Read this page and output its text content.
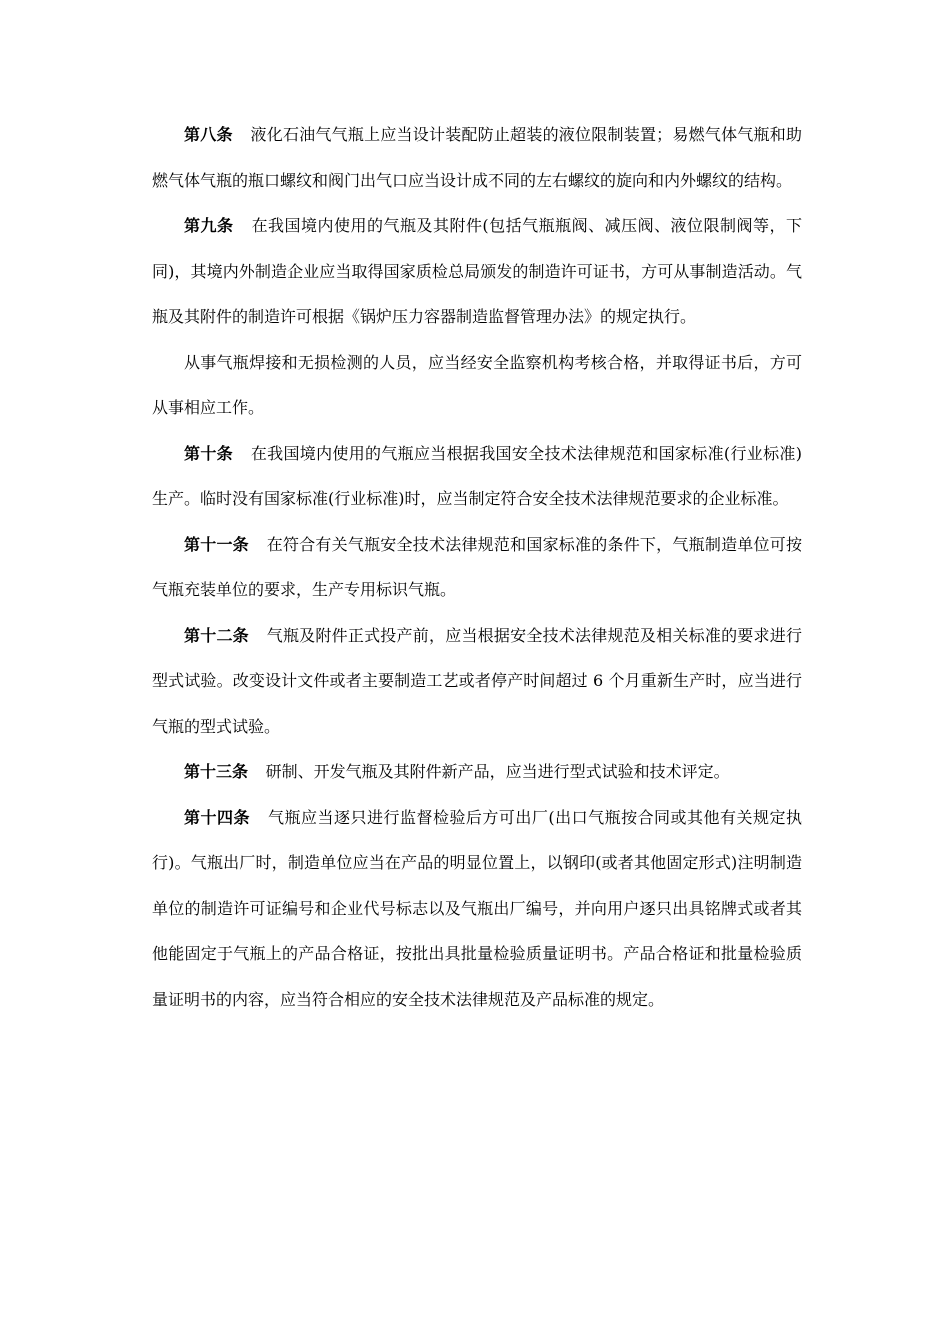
第八条 液化石油气气瓶上应当设计装配防止超装的液位限制装置；易燃气体气瓶和助燃气体气瓶的瓶口螺纹和阀门出气口应当设计成不同的左右螺纹的旋向和内外螺纹的结构。

第九条 在我国境内使用的气瓶及其附件(包括气瓶瓶阀、减压阀、液位限制阀等，下同)，其境内外制造企业应当取得国家质检总局颁发的制造许可证书，方可从事制造活动。气瓶及其附件的制造许可根据《锅炉压力容器制造监督管理办法》的规定执行。

从事气瓶焊接和无损检测的人员，应当经安全监察机构考核合格，并取得证书后，方可从事相应工作。

第十条 在我国境内使用的气瓶应当根据我国安全技术法律规范和国家标准(行业标准)生产。临时没有国家标准(行业标准)时，应当制定符合安全技术法律规范要求的企业标准。

第十一条 在符合有关气瓶安全技术法律规范和国家标准的条件下，气瓶制造单位可按气瓶充装单位的要求，生产专用标识气瓶。

第十二条 气瓶及附件正式投产前，应当根据安全技术法律规范及相关标准的要求进行型式试验。改变设计文件或者主要制造工艺或者停产时间超过 6 个月重新生产时，应当进行气瓶的型式试验。

第十三条 研制、开发气瓶及其附件新产品，应当进行型式试验和技术评定。

第十四条 气瓶应当逐只进行监督检验后方可出厂(出口气瓶按合同或其他有关规定执行)。气瓶出厂时，制造单位应当在产品的明显位置上，以钢印(或者其他固定形式)注明制造单位的制造许可证编号和企业代号标志以及气瓶出厂编号，并向用户逐只出具铭牌式或者其他能固定于气瓶上的产品合格证，按批出具批量检验质量证明书。产品合格证和批量检验质量证明书的内容，应当符合相应的安全技术法律规范及产品标准的规定。
